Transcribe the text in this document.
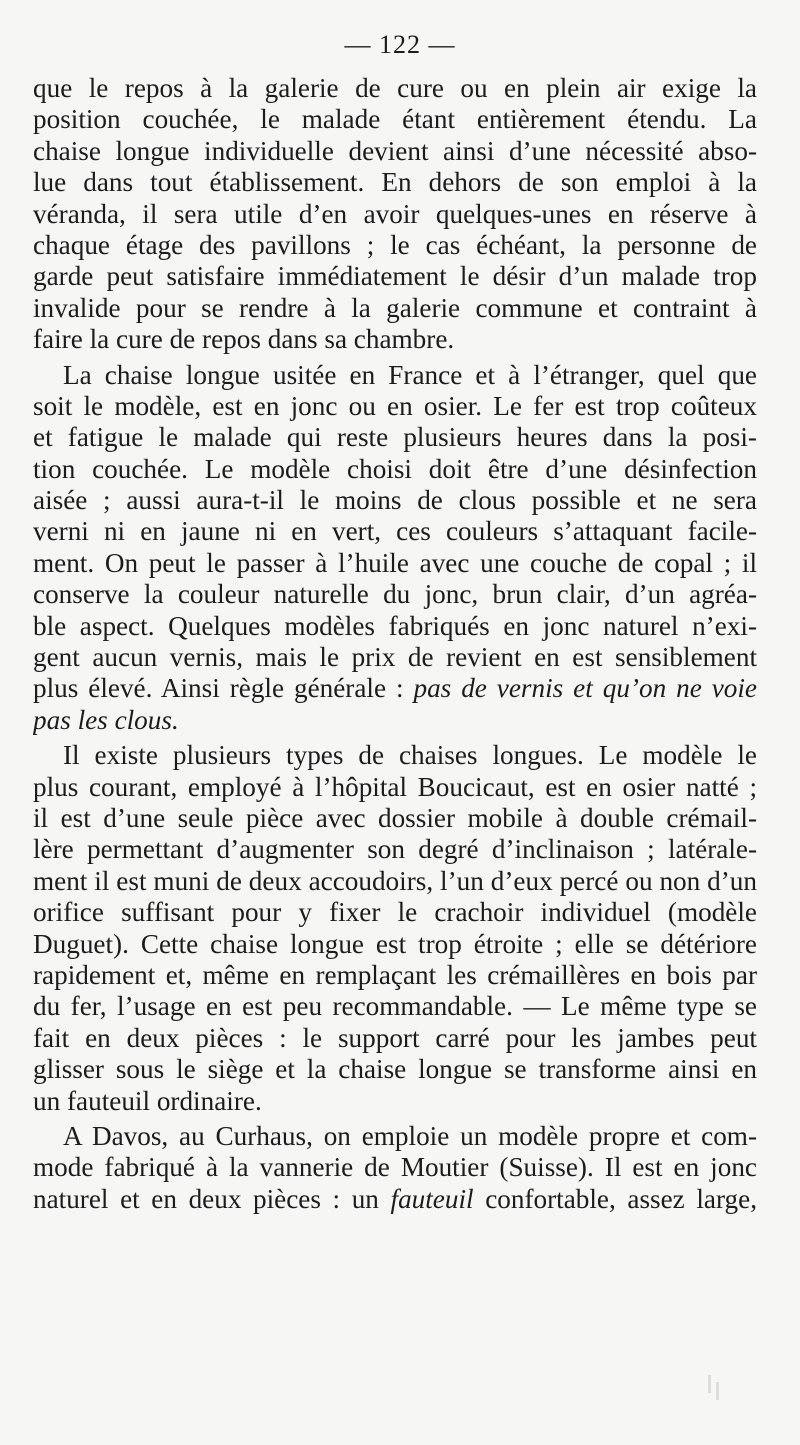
— 122 —
que le repos à la galerie de cure ou en plein air exige la
position couchée, le malade étant entièrement étendu. La
chaise longue individuelle devient ainsi d’une nécessité abso-
lue dans tout établissement. En dehors de son emploi à la
véranda, il sera utile d’en avoir quelques-unes en réserve à
chaque étage des pavillons ; le cas échéant, la personne de
garde peut satisfaire immédiatement le désir d’un malade trop
invalide pour se rendre à la galerie commune et contraint à
faire la cure de repos dans sa chambre.
La chaise longue usitée en France et à l’étranger, quel que
soit le modèle, est en jonc ou en osier. Le fer est trop coûteux
et fatigue le malade qui reste plusieurs heures dans la posi-
tion couchée. Le modèle choisi doit être d’une désinfection
aisée ; aussi aura-t-il le moins de clous possible et ne sera
verni ni en jaune ni en vert, ces couleurs s’attaquant facile-
ment. On peut le passer à l’huile avec une couche de copal ; il
conserve la couleur naturelle du jonc, brun clair, d’un agréa-
ble aspect. Quelques modèles fabriqués en jonc naturel n’exi-
gent aucun vernis, mais le prix de revient en est sensiblement
plus élevé. Ainsi règle générale : pas de vernis et qu’on ne voie
pas les clous.
Il existe plusieurs types de chaises longues. Le modèle le
plus courant, employé à l’hôpital Boucicaut, est en osier natté ;
il est d’une seule pièce avec dossier mobile à double crémail-
lère permettant d’augmenter son degré d’inclinaison ; latérale-
ment il est muni de deux accoudoirs, l’un d’eux percé ou non d’un
orifice suffisant pour y fixer le crachoir individuel (modèle
Duguet). Cette chaise longue est trop étroite ; elle se détériore
rapidement et, même en remplaçant les crémaillères en bois par
du fer, l’usage en est peu recommandable. — Le même type se
fait en deux pièces : le support carré pour les jambes peut
glisser sous le siège et la chaise longue se transforme ainsi en
un fauteuil ordinaire.
A Davos, au Curhaus, on emploie un modèle propre et com-
mode fabriqué à la vannerie de Moutier (Suisse). Il est en jonc
naturel et en deux pièces : un fauteuil confortable, assez large,
